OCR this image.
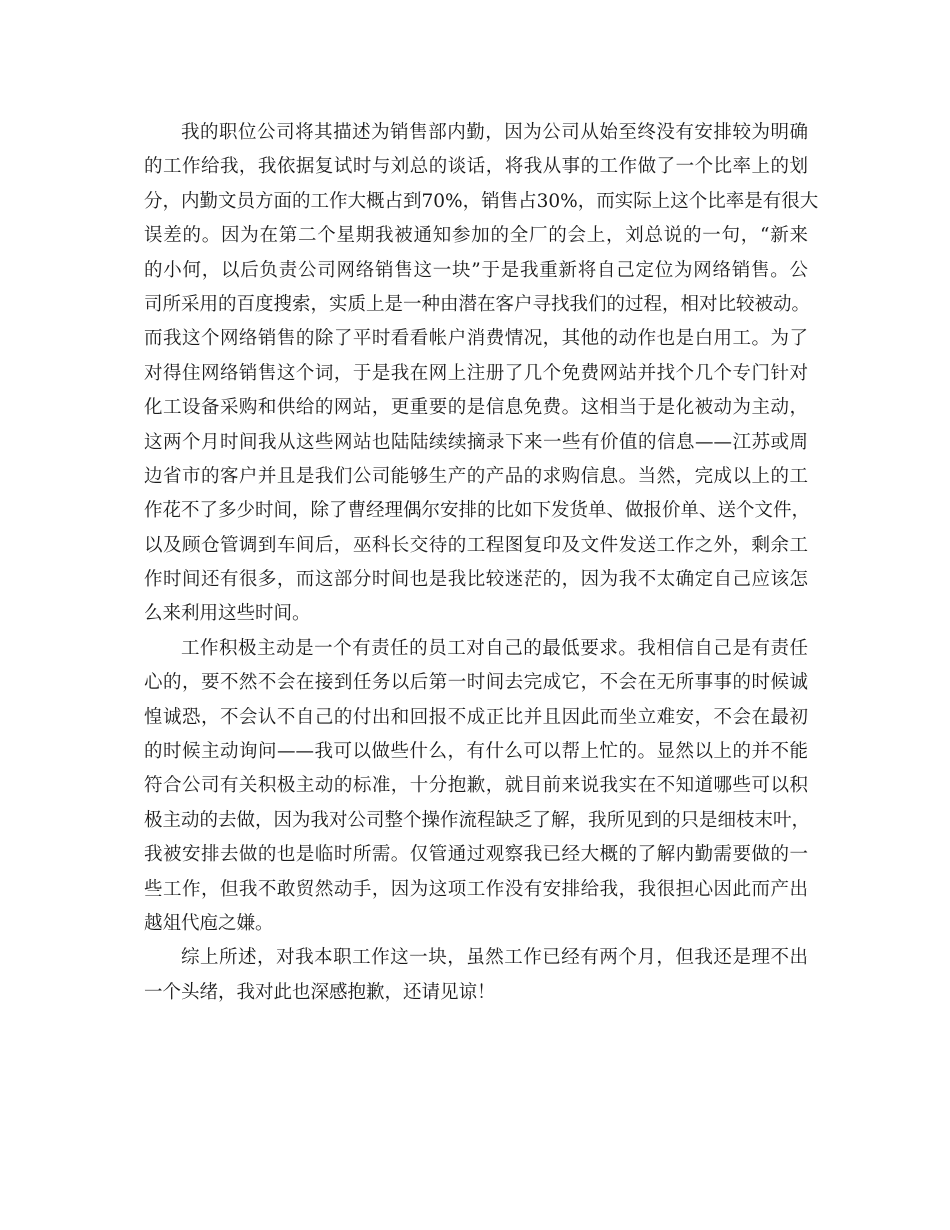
我的职位公司将其描述为销售部内勤，因为公司从始至终没有安排较为明确
的工作给我，我依据复试时与刘总的谈话，将我从事的工作做了一个比率上的划
分，内勤文员方面的工作大概占到70%，销售占30%，而实际上这个比率是有很大
误差的。因为在第二个星期我被通知参加的全厂的会上，刘总说的一句，“新来
的小何，以后负责公司网络销售这一块”于是我重新将自己定位为网络销售。公
司所采用的百度搜索，实质上是一种由潜在客户寻找我们的过程，相对比较被动。
而我这个网络销售的除了平时看看帐户消费情况，其他的动作也是白用工。为了
对得住网络销售这个词，于是我在网上注册了几个免费网站并找个几个专门针对
化工设备采购和供给的网站，更重要的是信息免费。这相当于是化被动为主动，
这两个月时间我从这些网站也陆陆续续摘录下来一些有价值的信息——江苏或周
边省市的客户并且是我们公司能够生产的产品的求购信息。当然，完成以上的工
作花不了多少时间，除了曹经理偶尔安排的比如下发货单、做报价单、送个文件，
以及顾仓管调到车间后，巫科长交待的工程图复印及文件发送工作之外，剩余工
作时间还有很多，而这部分时间也是我比较迷茫的，因为我不太确定自己应该怎
么来利用这些时间。
工作积极主动是一个有责任的员工对自己的最低要求。我相信自己是有责任
心的，要不然不会在接到任务以后第一时间去完成它，不会在无所事事的时候诚
惶诚恐，不会认不自己的付出和回报不成正比并且因此而坐立难安，不会在最初
的时候主动询问——我可以做些什么，有什么可以帮上忙的。显然以上的并不能
符合公司有关积极主动的标准，十分抱歉，就目前来说我实在不知道哪些可以积
极主动的去做，因为我对公司整个操作流程缺乏了解，我所见到的只是细枝末叶，
我被安排去做的也是临时所需。仅管通过观察我已经大概的了解内勤需要做的一
些工作，但我不敢贸然动手，因为这项工作没有安排给我，我很担心因此而产出
越俎代庖之嫌。
综上所述，对我本职工作这一块，虽然工作已经有两个月，但我还是理不出
一个头绪，我对此也深感抱歉，还请见谅！
